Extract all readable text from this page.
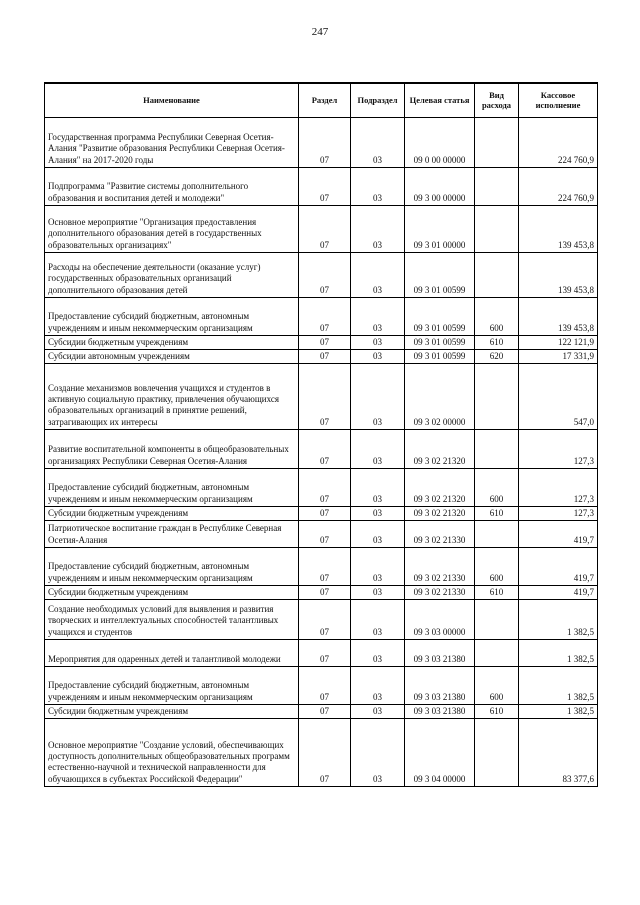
247
Наименование	Раздел	Подраздел	Целевая статья	Вид расхода	Кассовое исполнение
Государственная программа Республики Северная Осетия-Алания "Развитие образования Республики Северная Осетия-Алания" на 2017-2020 годы	07	03	09 0 00 00000		224 760,9
Подпрограмма "Развитие системы дополнительного образования и воспитания детей и молодежи"	07	03	09 3 00 00000		224 760,9
Основное мероприятие "Организация предоставления дополнительного образования детей в государственных образовательных организациях"	07	03	09 3 01 00000		139 453,8
Расходы на обеспечение деятельности (оказание услуг) государственных образовательных организаций дополнительного образования детей	07	03	09 3 01 00599		139 453,8
Предоставление субсидий бюджетным, автономным учреждениям и иным некоммерческим организациям	07	03	09 3 01 00599	600	139 453,8
Субсидии бюджетным учреждениям	07	03	09 3 01 00599	610	122 121,9
Субсидии автономным учреждениям	07	03	09 3 01 00599	620	17 331,9
Создание механизмов вовлечения учащихся и студентов в активную социальную практику, привлечения обучающихся образовательных организаций в принятие решений, затрагивающих их интересы	07	03	09 3 02 00000		547,0
Развитие воспитательной компоненты в общеобразовательных организациях Республики Северная Осетия-Алания	07	03	09 3 02 21320		127,3
Предоставление субсидий бюджетным, автономным учреждениям и иным некоммерческим организациям	07	03	09 3 02 21320	600	127,3
Субсидии бюджетным учреждениям	07	03	09 3 02 21320	610	127,3
Патриотическое воспитание граждан в Республике Северная Осетия-Алания	07	03	09 3 02 21330		419,7
Предоставление субсидий бюджетным, автономным учреждениям и иным некоммерческим организациям	07	03	09 3 02 21330	600	419,7
Субсидии бюджетным учреждениям	07	03	09 3 02 21330	610	419,7
Создание необходимых условий для выявления и развития творческих и интеллектуальных способностей талантливых учащихся и студентов	07	03	09 3 03 00000		1 382,5
Мероприятия для одаренных детей и талантливой молодежи	07	03	09 3 03 21380		1 382,5
Предоставление субсидий бюджетным, автономным учреждениям и иным некоммерческим организациям	07	03	09 3 03 21380	600	1 382,5
Субсидии бюджетным учреждениям	07	03	09 3 03 21380	610	1 382,5
Основное мероприятие "Создание условий, обеспечивающих доступность дополнительных общеобразовательных программ естественно-научной и технической направленности для обучающихся в субъектах Российской Федерации"	07	03	09 3 04 00000		83 377,6
